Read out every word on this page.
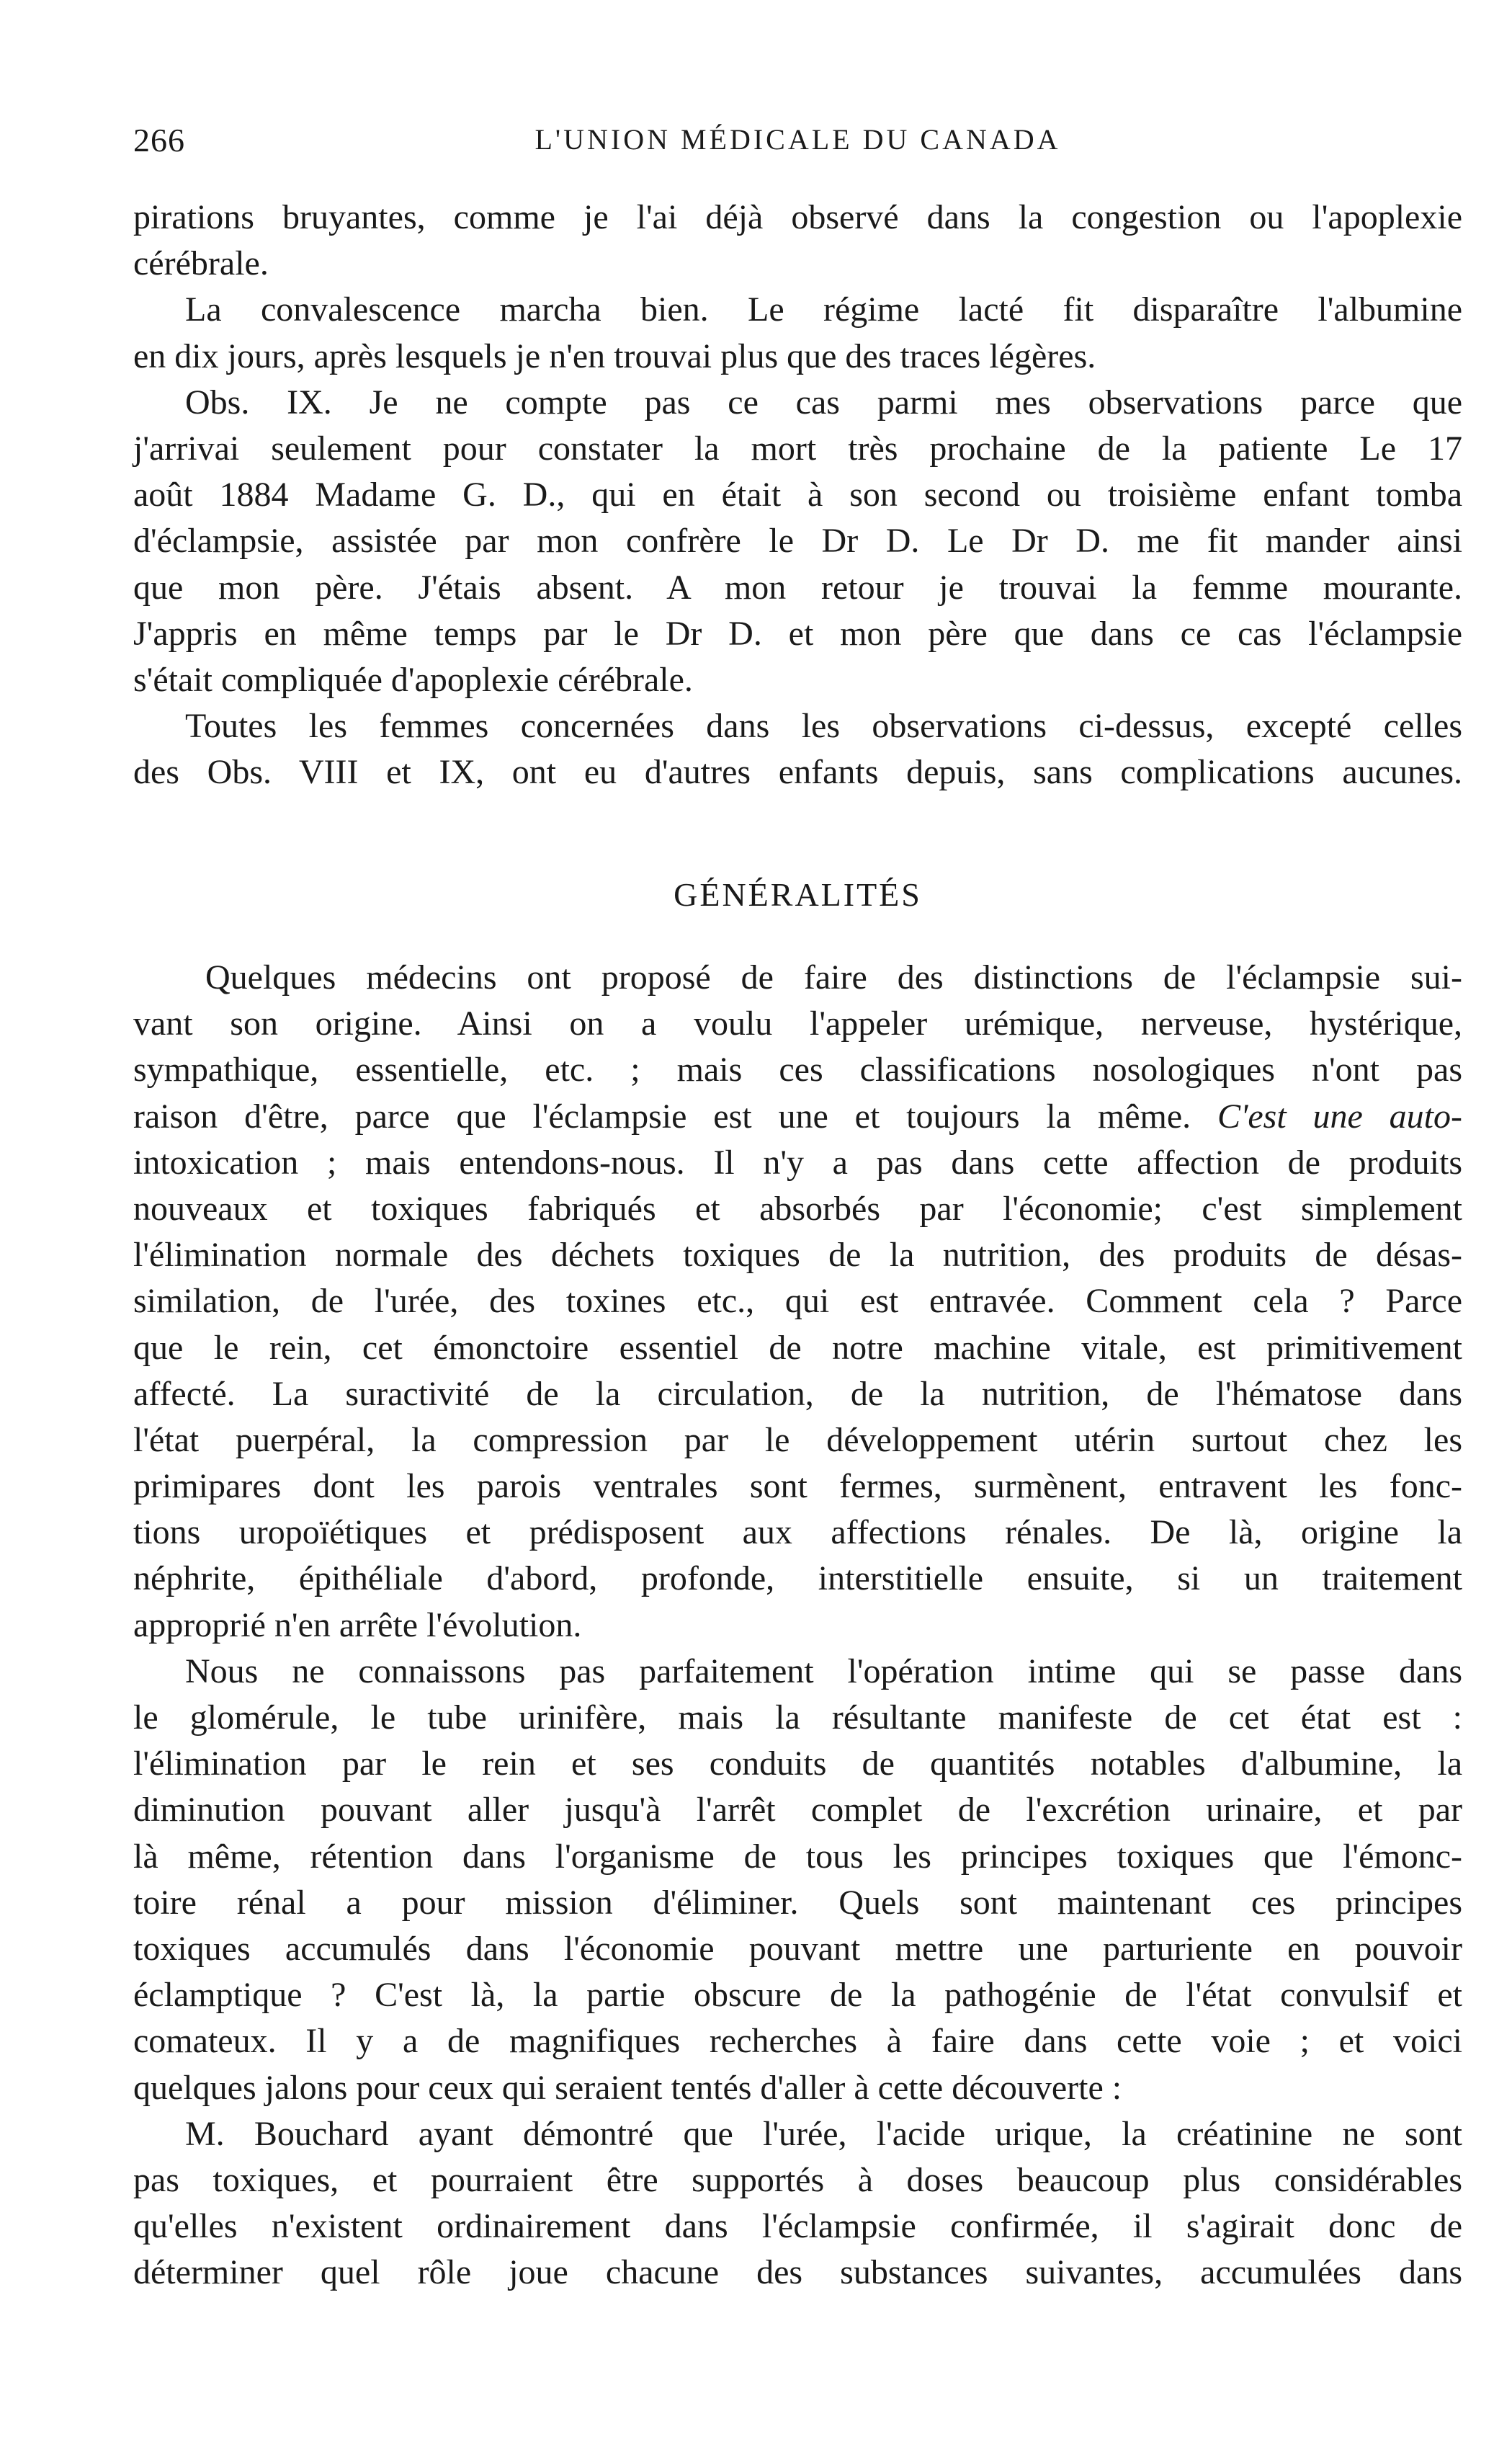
266	L'UNION MÉDICALE DU CANADA
pirations bruyantes, comme je l'ai déjà observé dans la congestion ou l'apoplexie
cérébrale.
La convalescence marcha bien. Le régime lacté fit disparaître l'albumine
en dix jours, après lesquels je n'en trouvai plus que des traces légères.
Obs. IX. Je ne compte pas ce cas parmi mes observations parce que
j'arrivai seulement pour constater la mort très prochaine de la patiente Le 17
août 1884 Madame G. D., qui en était à son second ou troisième enfant tomba
d'éclampsie, assistée par mon confrère le Dr D. Le Dr D. me fit mander ainsi
que mon père. J'étais absent. A mon retour je trouvai la femme mourante.
J'appris en même temps par le Dr D. et mon père que dans ce cas l'éclampsie
s'était compliquée d'apoplexie cérébrale.
Toutes les femmes concernées dans les observations ci-dessus, excepté celles
des Obs. VIII et IX, ont eu d'autres enfants depuis, sans complications aucunes.
GÉNÉRALITÉS
Quelques médecins ont proposé de faire des distinctions de l'éclampsie sui-
vant son origine. Ainsi on a voulu l'appeler urémique, nerveuse, hystérique,
sympathique, essentielle, etc. ; mais ces classifications nosologiques n'ont pas
raison d'être, parce que l'éclampsie est une et toujours la même. C'est une auto-
intoxication ; mais entendons-nous. Il n'y a pas dans cette affection de produits
nouveaux et toxiques fabriqués et absorbés par l'économie; c'est simplement
l'élimination normale des déchets toxiques de la nutrition, des produits de désas-
similation, de l'urée, des toxines etc., qui est entravée. Comment cela ? Parce
que le rein, cet émonctoire essentiel de notre machine vitale, est primitivement
affecté. La suractivité de la circulation, de la nutrition, de l'hématose dans
l'état puerpéral, la compression par le développement utérin surtout chez les
primipares dont les parois ventrales sont fermes, surmènent, entravent les fonc-
tions uropoïétiques et prédisposent aux affections rénales. De là, origine la
néphrite, épithéliale d'abord, profonde, interstitielle ensuite, si un traitement
approprié n'en arrête l'évolution.
Nous ne connaissons pas parfaitement l'opération intime qui se passe dans
le glomérule, le tube urinifère, mais la résultante manifeste de cet état est :
l'élimination par le rein et ses conduits de quantités notables d'albumine, la
diminution pouvant aller jusqu'à l'arrêt complet de l'excrétion urinaire, et par
là même, rétention dans l'organisme de tous les principes toxiques que l'émonc-
toire rénal a pour mission d'éliminer. Quels sont maintenant ces principes
toxiques accumulés dans l'économie pouvant mettre une parturiente en pouvoir
éclamptique ? C'est là, la partie obscure de la pathogénie de l'état convulsif et
comateux. Il y a de magnifiques recherches à faire dans cette voie ; et voici
quelques jalons pour ceux qui seraient tentés d'aller à cette découverte :
M. Bouchard ayant démontré que l'urée, l'acide urique, la créatinine ne sont
pas toxiques, et pourraient être supportés à doses beaucoup plus considérables
qu'elles n'existent ordinairement dans l'éclampsie confirmée, il s'agirait donc de
déterminer quel rôle joue chacune des substances suivantes, accumulées dans
